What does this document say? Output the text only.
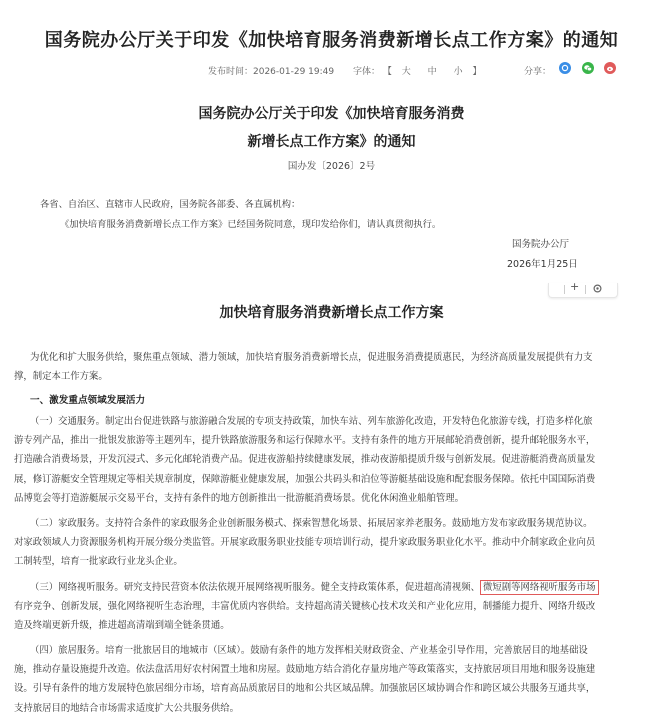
国务院办公厅关于印发《加快培育服务消费新增长点工作方案》的通知
发布时间：2026-01-29 19:49 字体： 【 大 中 小 】	分享：
国务院办公厅关于印发《加快培育服务消费
新增长点工作方案》的通知
国办发〔2026〕2号
各省、自治区、直辖市人民政府，国务院各部委、各直属机构：
《加快培育服务消费新增长点工作方案》已经国务院同意，现印发给你们，请认真贯彻执行。
国务院办公厅
2026年1月25日
+
加快培育服务消费新增长点工作方案
为优化和扩大服务供给，聚焦重点领域、潜力领域，加快培育服务消费新增长点，促进服务消费提质惠民，为经济高质量发展提供有力支
撑，制定本工作方案。
一、激发重点领域发展活力
（一）交通服务。制定出台促进铁路与旅游融合发展的专项支持政策，加快车站、列车旅游化改造，开发特色化旅游专线，打造多样化旅
游专列产品，推出一批银发旅游等主题列车，提升铁路旅游服务和运行保障水平。支持有条件的地方开展邮轮消费创新，提升邮轮服务水平，
打造融合消费场景，开发沉浸式、多元化邮轮消费产品。促进夜游船持续健康发展，推动夜游船提质升级与创新发展。促进游艇消费高质量发
展，修订游艇安全管理规定等相关规章制度，保障游艇业健康发展，加强公共码头和泊位等游艇基础设施和配套服务保障。依托中国国际消费
品博览会等打造游艇展示交易平台，支持有条件的地方创新推出一批游艇消费场景。优化休闲渔业船舶管理。
（二）家政服务。支持符合条件的家政服务企业创新服务模式、探索智慧化场景、拓展居家养老服务。鼓励地方发布家政服务规范协议。
对家政领域人力资源服务机构开展分级分类监管。开展家政服务职业技能专项培训行动，提升家政服务职业化水平。推动中介制家政企业向员
工制转型，培育一批家政行业龙头企业。
（三）网络视听服务。研究支持民营资本依法依规开展网络视听服务。健全支持政策体系，促进超高清视频、 微短剧等网络视听服务市场
有序竞争、创新发展，强化网络视听生态治理，丰富优质内容供给。支持超高清关键核心技术攻关和产业化应用，制播能力提升、网络升级改
造及终端更新升级，推进超高清端到端全链条贯通。
（四）旅居服务。培育一批旅居目的地城市（区域）。鼓励有条件的地方发挥相关财政资金、产业基金引导作用，完善旅居目的地基础设
施，推动存量设施提升改造。依法盘活用好农村闲置土地和房屋。鼓励地方结合消化存量房地产等政策落实，支持旅居项目用地和服务设施建
设。引导有条件的地方发展特色旅居细分市场，培育高品质旅居目的地和公共区域品牌。加强旅居区域协调合作和跨区域公共服务互通共享，
支持旅居目的地结合市场需求适度扩大公共服务供给。
